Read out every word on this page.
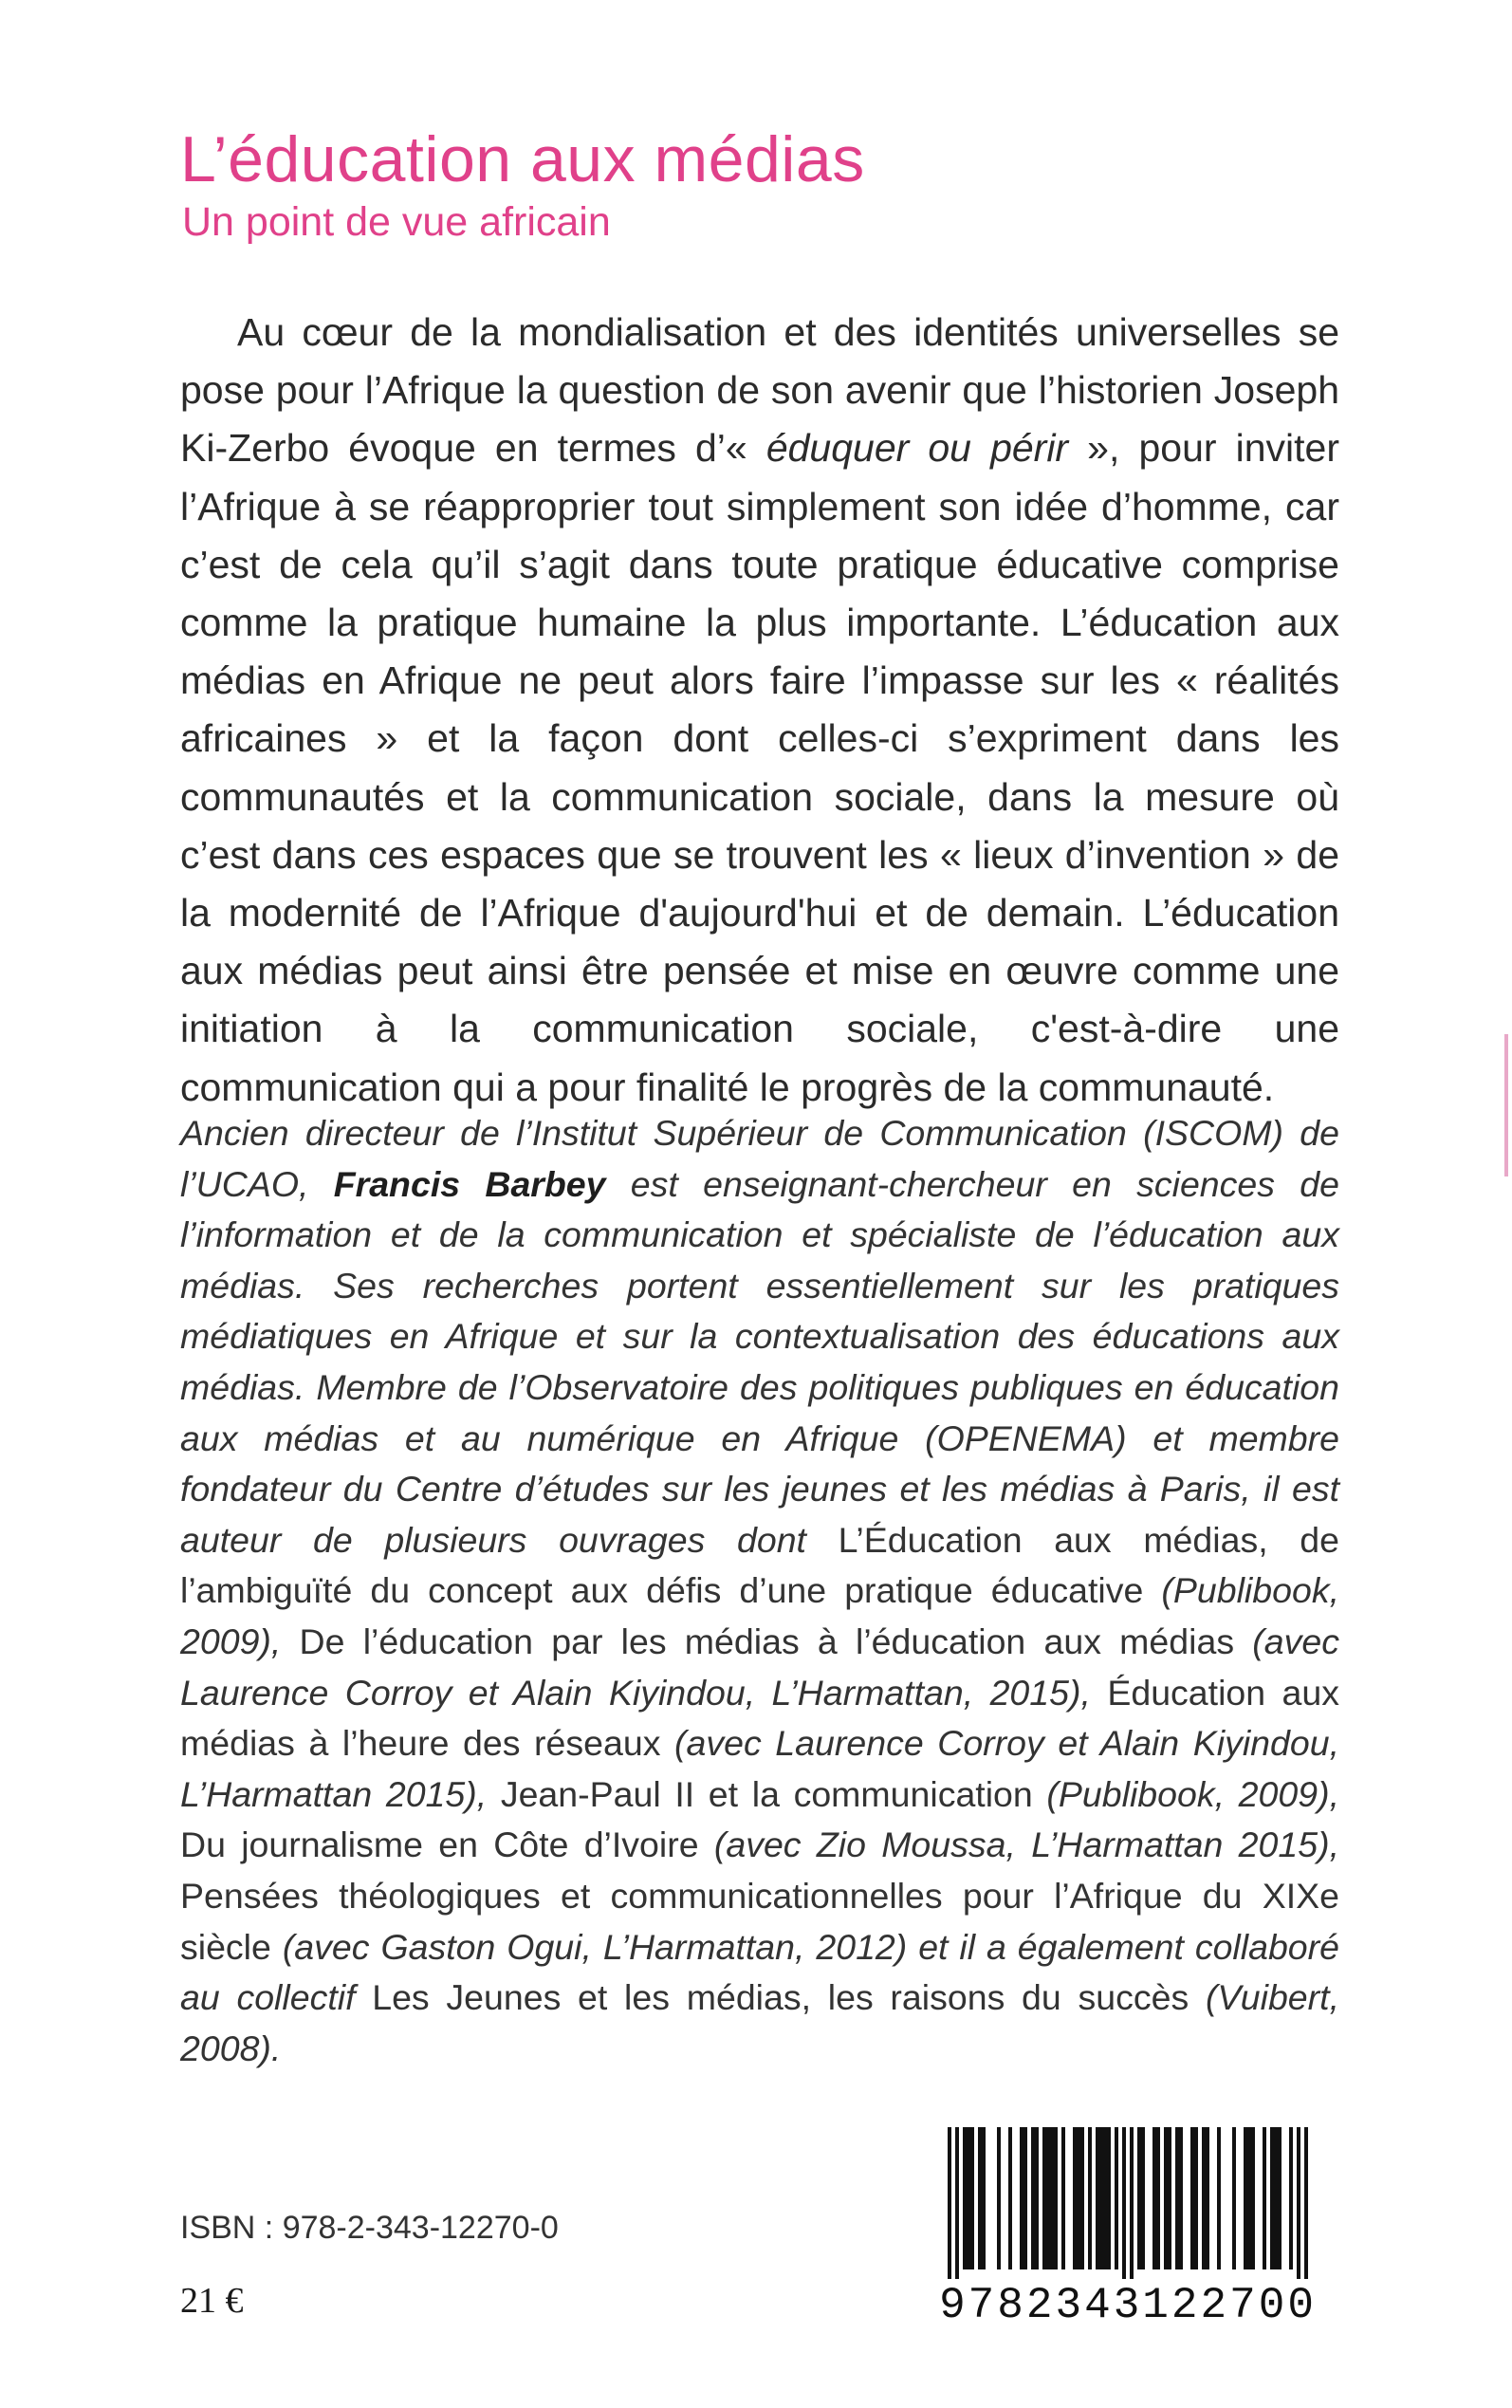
L’éducation aux médias
Un point de vue africain

Au cœur de la mondialisation et des identités universelles se pose pour l’Afrique la question de son avenir que l’historien Joseph Ki-Zerbo évoque en termes d’« éduquer ou périr », pour inviter l’Afrique à se réapproprier tout simplement son idée d’homme, car c’est de cela qu’il s’agit dans toute pratique éducative comprise comme la pratique humaine la plus importante. L’éducation aux médias en Afrique ne peut alors faire l’impasse sur les « réalités africaines » et la façon dont celles-ci s’expriment dans les communautés et la communication sociale, dans la mesure où c’est dans ces espaces que se trouvent les « lieux d’invention » de la modernité de l’Afrique d'aujourd'hui et de demain. L’éducation aux médias peut ainsi être pensée et mise en œuvre comme une initiation à la communication sociale, c'est-à-dire une communication qui a pour finalité le progrès de la communauté.

Ancien directeur de l’Institut Supérieur de Communication (ISCOM) de l’UCAO, Francis Barbey est enseignant-chercheur en sciences de l’information et de la communication et spécialiste de l’éducation aux médias. Ses recherches portent essentiellement sur les pratiques médiatiques en Afrique et sur la contextualisation des éducations aux médias. Membre de l’Observatoire des politiques publiques en éducation aux médias et au numérique en Afrique (OPENEMA) et membre fondateur du Centre d’études sur les jeunes et les médias à Paris, il est auteur de plusieurs ouvrages dont L’Éducation aux médias, de l’ambiguïté du concept aux défis d’une pratique éducative (Publibook, 2009), De l’éducation par les médias à l’éducation aux médias (avec Laurence Corroy et Alain Kiyindou, L’Harmattan, 2015), Éducation aux médias à l’heure des réseaux (avec Laurence Corroy et Alain Kiyindou, L’Harmattan 2015), Jean-Paul II et la communication (Publibook, 2009), Du journalisme en Côte d’Ivoire (avec Zio Moussa, L’Harmattan 2015), Pensées théologiques et communicationnelles pour l’Afrique du XIXe siècle (avec Gaston Ogui, L’Harmattan, 2012) et il a également collaboré au collectif Les Jeunes et les médias, les raisons du succès (Vuibert, 2008).

ISBN : 978-2-343-12270-0
21 €	9782343122700
